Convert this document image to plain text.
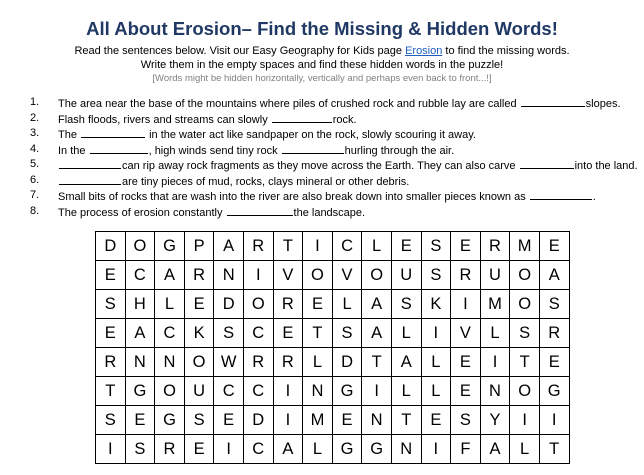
All About Erosion– Find the Missing & Hidden Words!
Read the sentences below. Visit our Easy Geography for Kids page Erosion to find the missing words.
Write them in the empty spaces and find these hidden words in the puzzle!
[Words might be hidden horizontally, vertically and perhaps even back to front...!]
1. The area near the base of the mountains where piles of crushed rock and rubble lay are called	slopes.
2. Flash floods, rivers and streams can slowly	rock.
3. The	in the water act like sandpaper on the rock, slowly scouring it away.
4. In the	, high winds send tiny rock	hurling through the air.
5.	can rip away rock fragments as they move across the Earth. They can also carve	into the land.
6.	are tiny pieces of mud, rocks, clays mineral or other debris.
7. Small bits of rocks that are wash into the river are also break down into smaller pieces known as	.
8. The process of erosion constantly	the landscape.
D	O	G	P	A	R	T	I	C	L	E	S	E	R	M	E
E	C	A	R	N	I	V	O	V	O	U	S	R	U	O	A
S	H	L	E	D	O	R	E	L	A	S	K	I	M	O	S
E	A	C	K	S	C	E	T	S	A	L	I	V	L	S	R
R	N	N	O	W	R	R	L	D	T	A	L	E	I	T	E
T	G	O	U	C	C	I	N	G	I	L	L	E	N	O	G
S	E	G	S	E	D	I	M	E	N	T	E	S	Y	I	I
I	S	R	E	I	C	A	L	G	G	N	I	F	A	L	T
